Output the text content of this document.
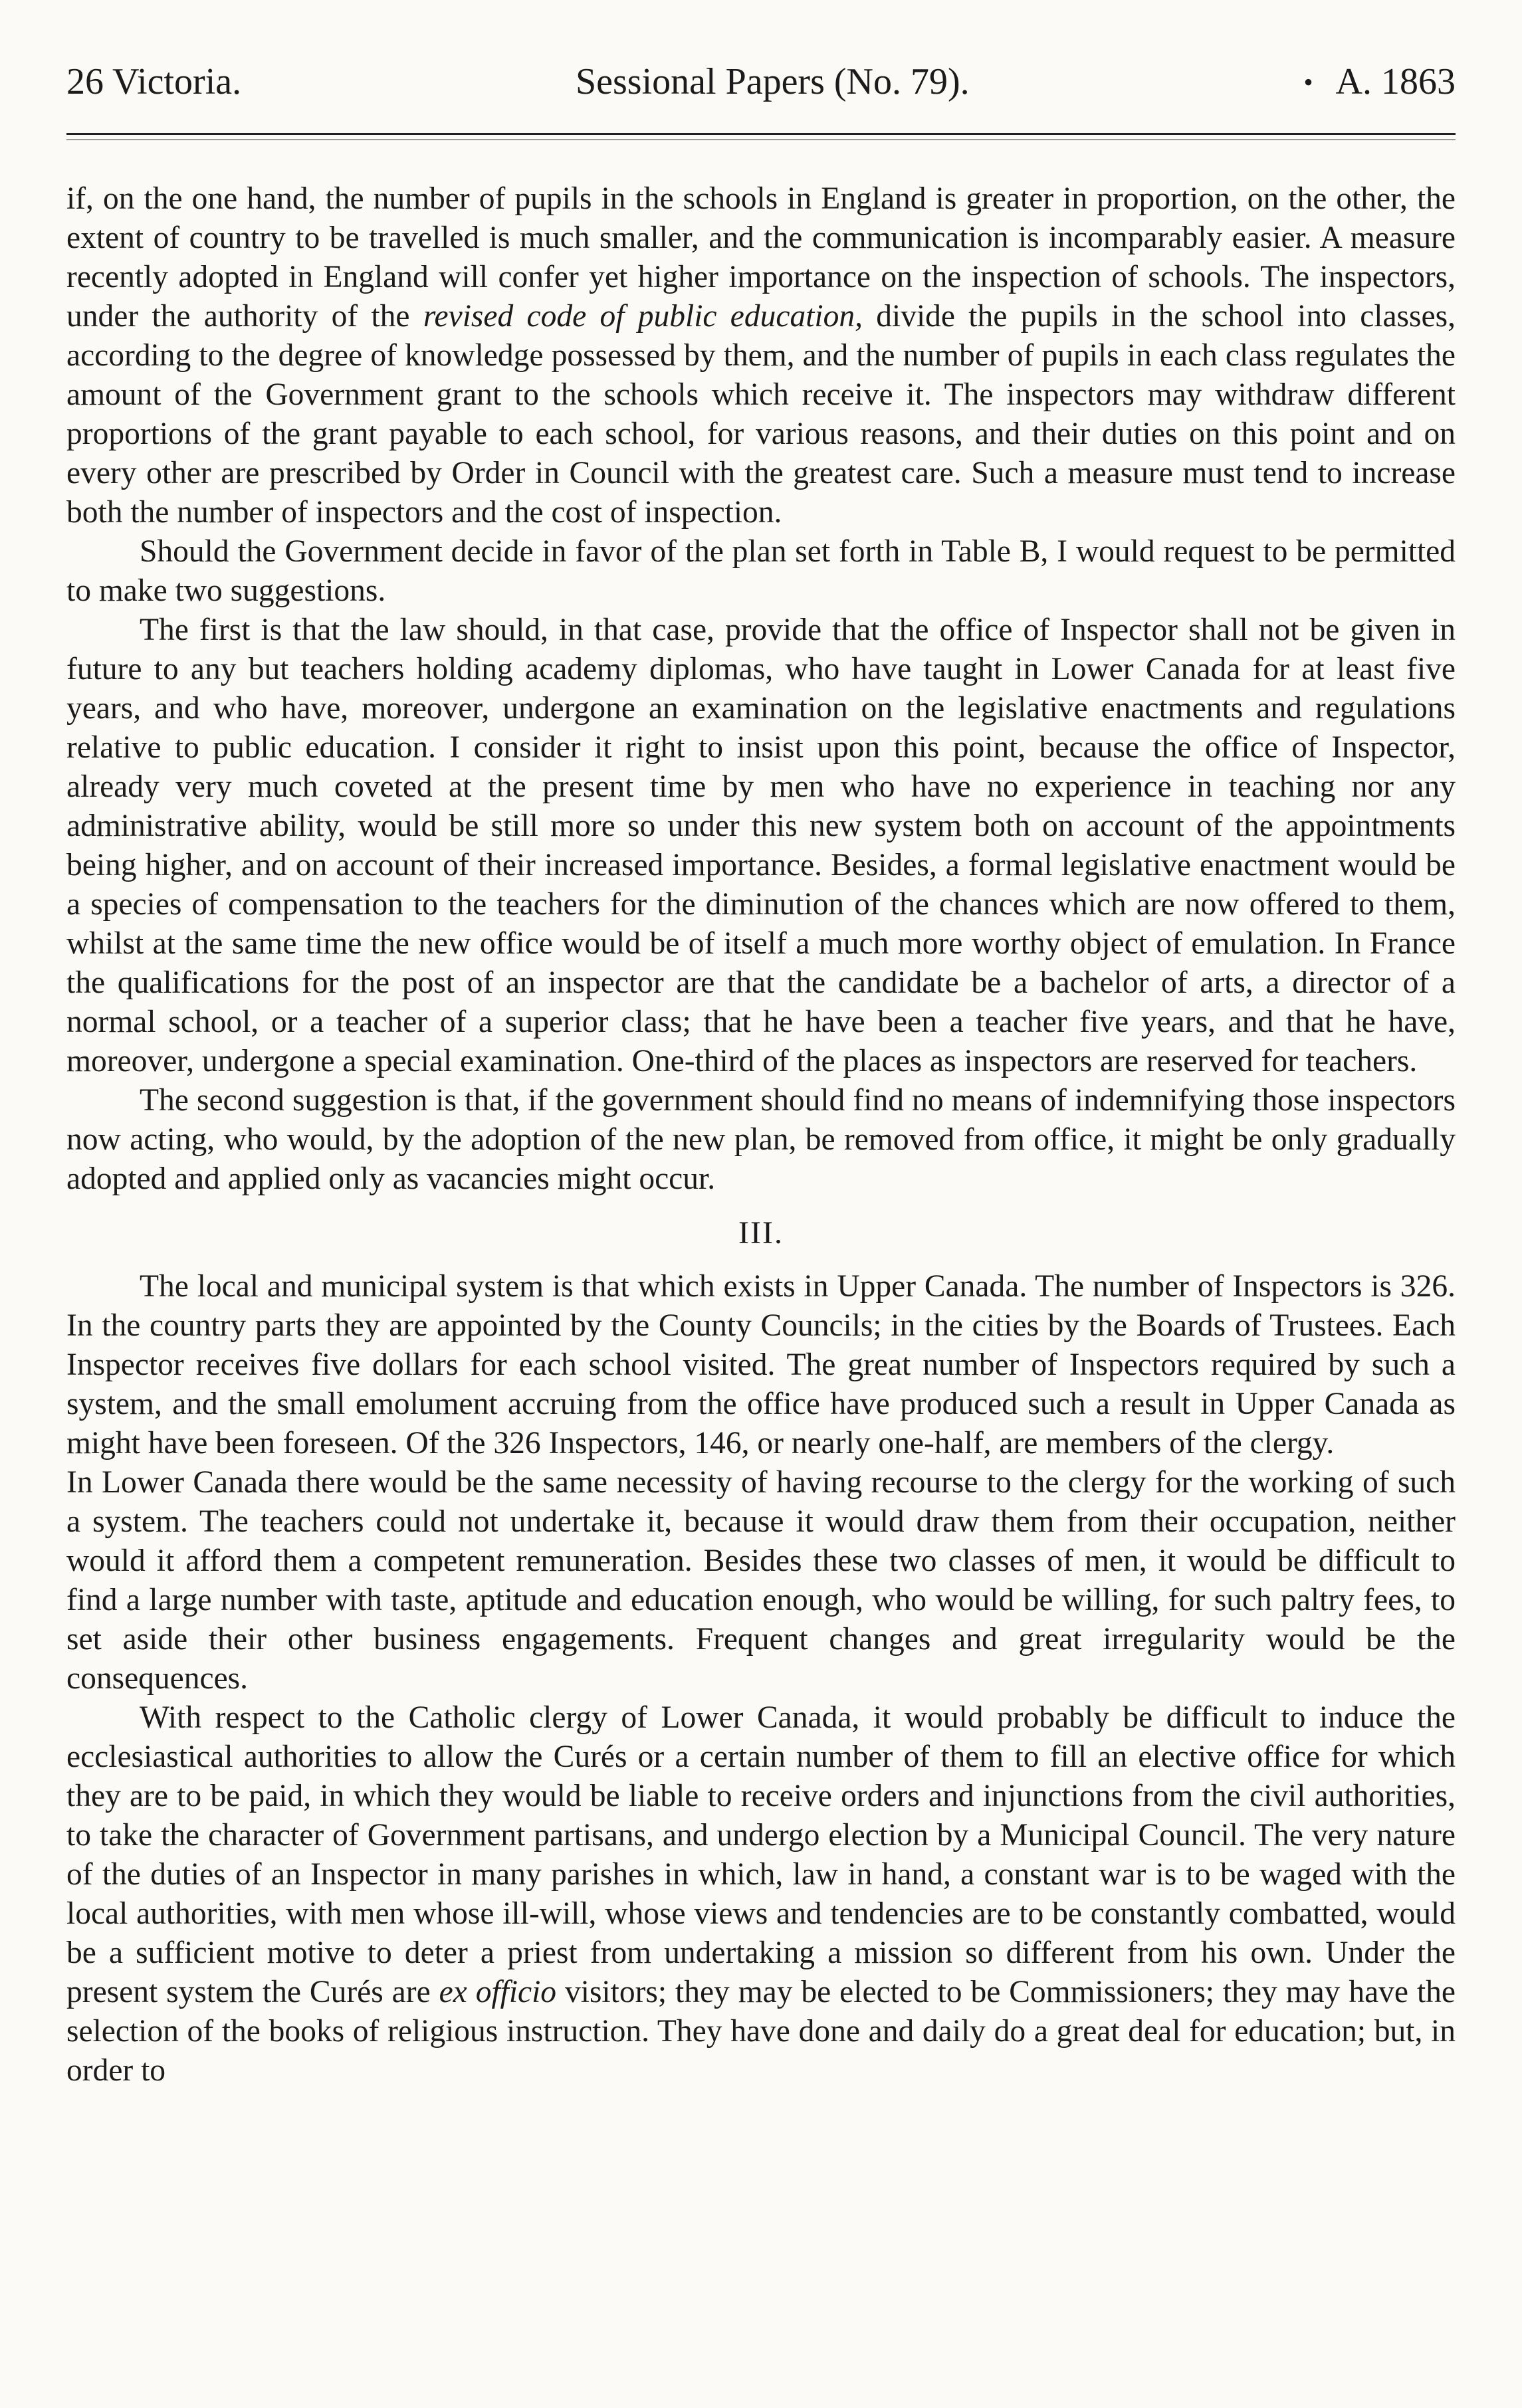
26 Victoria.	Sessional Papers (No. 79).	• A. 1863

if, on the one hand, the number of pupils in the schools in England is greater in proportion, on the other, the extent of country to be travelled is much smaller, and the communication is incomparably easier. A measure recently adopted in England will confer yet higher importance on the inspection of schools. The inspectors, under the authority of the revised code of public education, divide the pupils in the school into classes, according to the degree of knowledge possessed by them, and the number of pupils in each class regulates the amount of the Government grant to the schools which receive it. The inspectors may withdraw different proportions of the grant payable to each school, for various reasons, and their duties on this point and on every other are prescribed by Order in Council with the greatest care. Such a measure must tend to increase both the number of inspectors and the cost of inspection.

Should the Government decide in favor of the plan set forth in Table B, I would request to be permitted to make two suggestions.

The first is that the law should, in that case, provide that the office of Inspector shall not be given in future to any but teachers holding academy diplomas, who have taught in Lower Canada for at least five years, and who have, moreover, undergone an examination on the legislative enactments and regulations relative to public education. I consider it right to insist upon this point, because the office of Inspector, already very much coveted at the present time by men who have no experience in teaching nor any administrative ability, would be still more so under this new system both on account of the appointments being higher, and on account of their increased importance. Besides, a formal legislative enactment would be a species of compensation to the teachers for the diminution of the chances which are now offered to them, whilst at the same time the new office would be of itself a much more worthy object of emulation. In France the qualifications for the post of an inspector are that the candidate be a bachelor of arts, a director of a normal school, or a teacher of a superior class; that he have been a teacher five years, and that he have, moreover, undergone a special examination. One-third of the places as inspectors are reserved for teachers.

The second suggestion is that, if the government should find no means of indemnifying those inspectors now acting, who would, by the adoption of the new plan, be removed from office, it might be only gradually adopted and applied only as vacancies might occur.

III.

The local and municipal system is that which exists in Upper Canada. The number of Inspectors is 326. In the country parts they are appointed by the County Councils; in the cities by the Boards of Trustees. Each Inspector receives five dollars for each school visited. The great number of Inspectors required by such a system, and the small emolument accruing from the office have produced such a result in Upper Canada as might have been foreseen. Of the 326 Inspectors, 146, or nearly one-half, are members of the clergy.

In Lower Canada there would be the same necessity of having recourse to the clergy for the working of such a system. The teachers could not undertake it, because it would draw them from their occupation, neither would it afford them a competent remuneration. Besides these two classes of men, it would be difficult to find a large number with taste, aptitude and education enough, who would be willing, for such paltry fees, to set aside their other business engagements. Frequent changes and great irregularity would be the consequences.

With respect to the Catholic clergy of Lower Canada, it would probably be difficult to induce the ecclesiastical authorities to allow the Curés or a certain number of them to fill an elective office for which they are to be paid, in which they would be liable to receive orders and injunctions from the civil authorities, to take the character of Government partisans, and undergo election by a Municipal Council. The very nature of the duties of an Inspector in many parishes in which, law in hand, a constant war is to be waged with the local authorities, with men whose ill-will, whose views and tendencies are to be constantly combatted, would be a sufficient motive to deter a priest from undertaking a mission so different from his own. Under the present system the Curés are ex officio visitors; they may be elected to be Commissioners; they may have the selection of the books of religious instruction. They have done and daily do a great deal for education; but, in order to
